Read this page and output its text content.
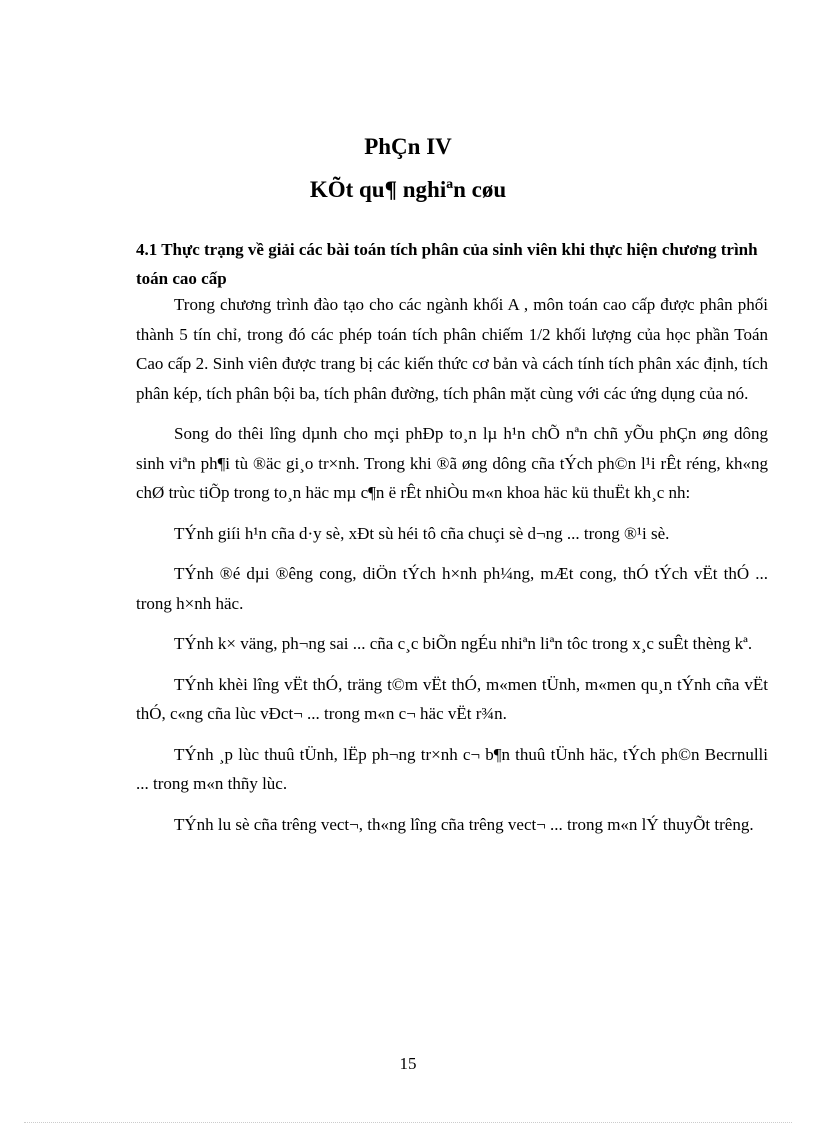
PhÇn IV
KÕt qu¶ nghiªn cøu
4.1 Thực trạng về giải các bài toán tích phân của sinh viên khi thực hiện chương trình toán cao cấp

Trong chương trình đào tạo cho các ngành khối A , môn toán cao cấp được phân phối thành 5 tín chỉ, trong đó các phép toán tích phân chiếm 1/2 khối lượng của học phần Toán Cao cấp 2. Sinh viên được trang bị các kiến thức cơ bản và cách tính tích phân xác định, tích phân kép, tích phân bội ba, tích phân đường, tích phân mặt cùng với các ứng dụng của nó.

Song do thêi lîng dµnh cho mçi phÐp to¸n lµ h¹n chÕ nªn chñ yÕu phÇn øng dông sinh viªn ph¶i tù ®äc gi¸o tr×nh. Trong khi ®ã øng dông cña tÝch ph©n l¹i rÊt réng, kh«ng chØ trùc tiÕp trong to¸n häc mµ c¶n ë rÊt nhiÒu m«n khoa häc kü thuËt kh¸c nh:

TÝnh giíi h¹n cña d·y sè, xÐt sù héi tô cña chuçi sè d¬ng ... trong ®¹i sè.

TÝnh ®é dµi ®êng cong, diÖn tÝch h×nh ph¼ng, mÆt cong, thÓ tÝch vËt thÓ ... trong h×nh häc.

TÝnh k× väng, ph¬ng sai ... cña c¸c biÕn ngÉu nhiªn liªn tôc trong x¸c suÊt thèng kª.

TÝnh khèi lîng vËt thÓ, träng t©m vËt thÓ, m«men tÜnh, m«men qu¸n tÝnh cña vËt thÓ, c«ng cña lùc vÐct¬ ... trong m«n c¬ häc vËt r¾n.

TÝnh ¸p lùc thuû tÜnh, lËp ph¬ng tr×nh c¬ b¶n thuû tÜnh häc, tÝch ph©n Becrnulli ... trong m«n thñy lùc.

TÝnh lu sè cña trêng vect¬, th«ng lîng cña trêng vect¬ ... trong m«n lÝ thuyÕt trêng.

15
